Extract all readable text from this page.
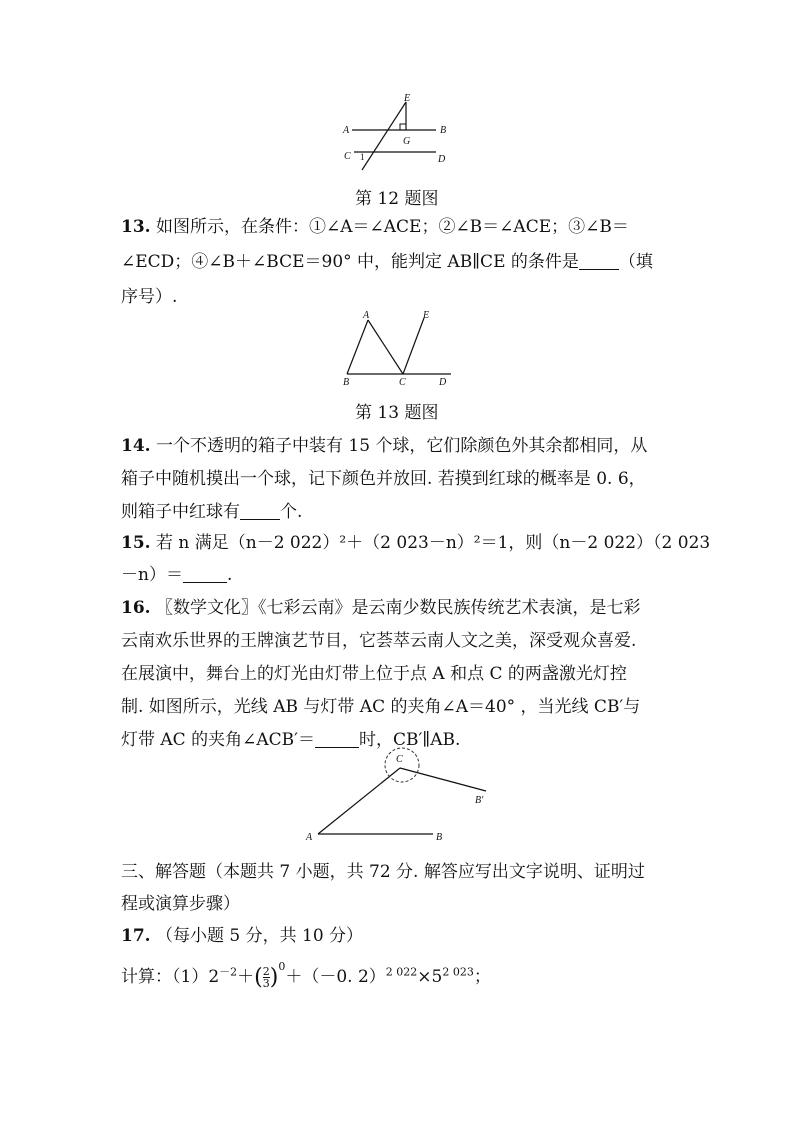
A	B
C	D
E
G
1
第 12 题图
13. 如图所示，在条件：①∠A＝∠ACE；②∠B＝∠ACE；③∠B＝
∠ECD；④∠B＋∠BCE＝90° 中，能判定 AB∥CE 的条件是 （填
序号）.
A
B	C	D
E
第 13 题图
14. 一个不透明的箱子中装有 15 个球，它们除颜色外其余都相同，从
箱子中随机摸出一个球，记下颜色并放回. 若摸到红球的概率是 0. 6，
则箱子中红球有 个.
15. 若 n 满足（n－2 022）²＋（2 023－n）²＝1，则（n－2 022）（2 023
－n）＝	.
16. 〖数学文化〗《七彩云南》是云南少数民族传统艺术表演，是七彩
云南欢乐世界的王牌演艺节目，它荟萃云南人文之美，深受观众喜爱.
在展演中，舞台上的灯光由灯带上位于点 A 和点 C 的两盏激光灯控
制. 如图所示，光线 AB 与灯带 AC 的夹角∠A＝40° ，当光线 CB′与
灯带 AC 的夹角∠ACB′＝	时，CB′∥AB.
A	B
C
B′
三、解答题（本题共 7 小题，共 72 分. 解答应写出文字说明、证明过
程或演算步骤）
17. （每小题 5 分，共 10 分）
计算：$(1)2^{-2}+( \frac{2}{3} )^0+(-0$. $2)^{2 022}\times 5^{2 023}$；
